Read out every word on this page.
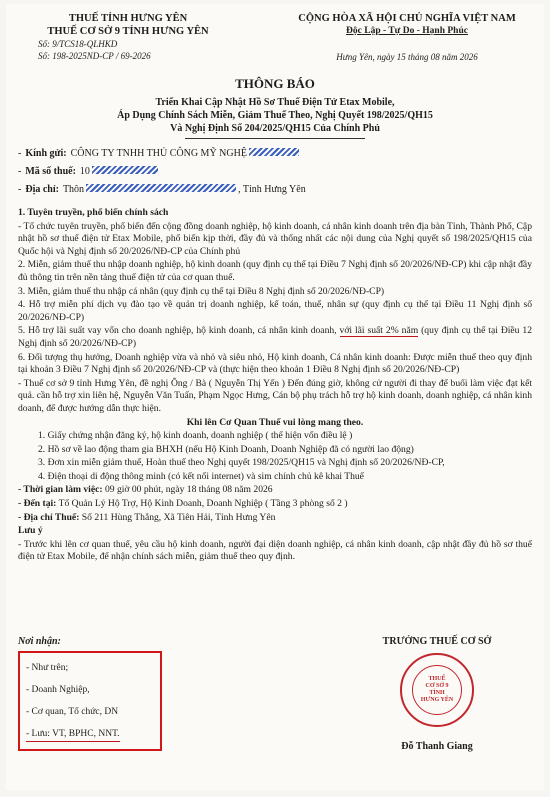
THUẾ TỈNH HƯNG YÊN
THUẾ CƠ SỞ 9 TỈNH HƯNG YÊN
Số: 9/TCS18-QLHKD
Số: 198-2025ND-CP / 69-2026
CỘNG HÒA XÃ HỘI CHỦ NGHĨA VIỆT NAM
Độc Lập - Tự Do - Hạnh Phúc
Hưng Yên, ngày 15 tháng 08 năm 2026
THÔNG BÁO
Triển Khai Cập Nhật Hồ Sơ Thuế Điện Tử Etax Mobile,
Áp Dụng Chính Sách Miễn, Giảm Thuế Theo, Nghị Quyết 198/2025/QH15
Và Nghị Định Số 204/2025/QH15 Của Chính Phủ
- Kính gửi: CÔNG TY TNHH THỦ CÔNG MỸ NGHỆ
- Mã số thuế: 10
- Địa chỉ: Thôn	, Tỉnh Hưng Yên

1. Tuyên truyền, phổ biến chính sách

- Tổ chức tuyên truyền, phổ biến đến cộng đồng doanh nghiệp, hộ kinh doanh, cá nhân kinh doanh trên địa bàn Tỉnh, Thành Phố, Cập nhật hồ sơ thuế điện tử Etax Mobile, phổ biến kịp thời, đầy đủ và thống nhất các nội dung của Nghị quyết số 198/2025/QH15 của Quốc hội và Nghị định số 20/2026/NĐ-CP của Chính phủ

2. Miễn, giảm thuế thu nhập doanh nghiệp, hộ kinh doanh (quy định cụ thể tại Điều 7 Nghị định số 20/2026/NĐ-CP) khi cập nhật đầy đủ thông tin trên nền tảng thuế điện tử của cơ quan thuế.

3. Miễn, giảm thuế thu nhập cá nhân (quy định cụ thể tại Điều 8 Nghị định số 20/2026/NĐ-CP)

4. Hỗ trợ miễn phí dịch vụ đào tạo về quản trị doanh nghiệp, kế toán, thuế, nhân sự (quy định cụ thể tại Điều 11 Nghị định số 20/2026/NĐ-CP)

5. Hỗ trợ lãi suất vay vốn cho doanh nghiệp, hộ kinh doanh, cá nhân kinh doanh, với lãi suất 2% năm (quy định cụ thể tại Điều 12 Nghị định số 20/2026/NĐ-CP)

6. Đối tượng thụ hưởng, Doanh nghiệp vừa và nhỏ và siêu nhỏ, Hộ kinh doanh, Cá nhân kinh doanh: Được miễn thuế theo quy định tại khoản 3 Điều 7 Nghị định số 20/2026/NĐ-CP và (thực hiện theo khoản 1 Điều 8 Nghị định số 20/2026/NĐ-CP)

- Thuế cơ sở 9 tỉnh Hưng Yên, đề nghị Ông / Bà ( Nguyễn Thị Yến ) Đến đúng giờ, không cử người đi thay để buổi làm việc đạt kết quả. cần hỗ trợ xin liên hệ, Nguyễn Văn Tuấn, Phạm Ngọc Hưng, Cán bộ phụ trách hỗ trợ hộ kinh doanh, doanh nghiệp, cá nhân kinh doanh, để được hướng dẫn thực hiện.

Khi lên Cơ Quan Thuế vui lòng mang theo.

1. Giấy chứng nhận đăng ký, hộ kinh doanh, doanh nghiệp ( thể hiện vốn điều lệ )

2. Hồ sơ về lao động tham gia BHXH (nếu Hộ Kinh Doanh, Doanh Nghiệp đã có người lao động)

3. Đơn xin miễn giảm thuế, Hoàn thuế theo Nghị quyết 198/2025/QH15 và Nghị định số 20/2026/NĐ-CP,

4. Điện thoại di động thông minh (có kết nối internet) và sim chính chủ kê khai Thuế

- Thời gian làm việc: 09 giờ 00 phút, ngày 18 tháng 08 năm 2026

- Đến tại: Tổ Quản Lý Hộ Trợ, Hộ Kinh Doanh, Doanh Nghiệp ( Tầng 3 phòng số 2 )

- Địa chỉ Thuế: Số 211 Hùng Thắng, Xã Tiên Hải, Tỉnh Hưng Yên

Lưu ý

- Trước khi lên cơ quan thuế, yêu cầu hộ kinh doanh, người đại diện doanh nghiệp, cá nhân kinh doanh, cập nhật đầy đủ hồ sơ thuế điện tử Etax Mobile, để nhận chính sách miễn, giảm thuế theo quy định.

Nơi nhận:
- Như trên;
- Doanh Nghiệp,
- Cơ quan, Tổ chức, DN
- Lưu: VT, BPHC, NNT.
TRƯỞNG THUẾ CƠ SỞ
THUẾ
CƠ SỞ 9
TỈNH
HƯNG YÊN
Đỗ Thanh Giang
